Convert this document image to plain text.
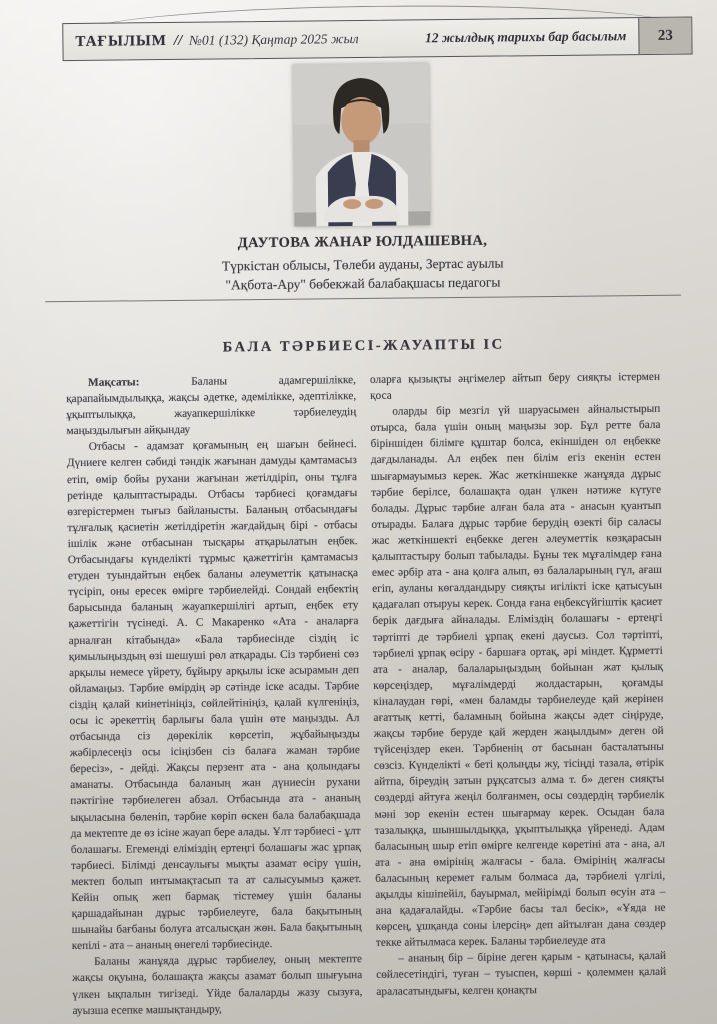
ТАҒЫЛЫМ // №01 (132) Қаңтар 2025 жыл	12 жылдық тарихы бар басылым	23
ДАУТОВА ЖАНАР ЮЛДАШЕВНА,
Түркістан облысы, Төлеби ауданы, Зертас ауылы
"Ақбота-Ару" бөбекжай балабақшасы педагогы
БАЛА ТӘРБИЕСІ-ЖАУАПТЫ ІС

Мақсаты: Баланы адамгершілікке, қарапайымдылыққа, жақсы әдетке, әдемілікке, әдептілікке, ұқыптылыққа, жауапкершілікке тәрбиелеудің маңыздылығын айқындау

Отбасы - адамзат қоғамының ең шағын бейнесі. Дүниеге келген сәбиді тәндік жағынан дамуды қамтамасыз етіп, өмір бойы рухани жағынан жетілдіріп, оны тұлға ретінде қалыптастырады. Отбасы тәрбиесі қоғамдағы өзгерістермен тығыз байланысты. Баланың отбасындағы тұлғалық қасиетін жетілдіретін жағдайдың бірі - отбасы ішілік және отбасынан тысқары атқарылатын еңбек. Отбасындағы күнделікті тұрмыс қажеттігін қамтамасыз етуден туындайтын еңбек баланы әлеуметтік қатынасқа түсіріп, оны ересек өмірге тәрбиелейді. Сондай еңбектің барысында баланың жауапкершілігі артып, еңбек ету қажеттігін түсінеді. А. С Макаренко «Ата - аналарға арналған кітабында» «Бала тәрбиесінде сіздің іс қимылыңыздың өзі шешуші рөл атқарады. Сіз тәрбиені сөз арқылы немесе үйрету, бұйыру арқылы іске асырамын деп ойламаңыз. Тәрбие өмірдің әр сәтінде іске асады. Тәрбие сіздің қалай киінетініңіз, сөйлейтініңіз, қалай күлгеніңіз, осы іс әрекеттің барлығы бала үшін өте маңызды. Ал отбасында сіз дөрекілік көрсетіп, жұбайыңызды жәбірлесеңіз осы ісіңізбен сіз балаға жаман тәрбие бересіз», - дейді. Жақсы перзент ата - ана қолындағы аманаты. Отбасында баланың жан дүниесін рухани пәктігіне тәрбиелеген абзал. Отбасында ата - ананың ықыласына бөленіп, тәрбие көріп өскен бала балабақшада да мектепте де өз ісіне жауап бере алады. Ұлт тәрбиесі - ұлт болашағы. Егеменді еліміздің ертеңгі болашағы жас ұрпақ тәрбиесі. Білімді денсаулығы мықты азамат өсіру үшін, мектеп болып интымақтасып та ат салысуымыз қажет. Кейін опық жеп бармақ тістемеу үшін баланы қаршадайынан дұрыс тәрбиелеуге, бала бақытының шынайы бағбаны болуға атсалысқан жөн. Бала бақытының кепілі - ата – ананың өнегелі тәрбиесінде.

Баланы жанұяда дұрыс тәрбиелеу, оның мектепте жақсы оқуына, болашақта жақсы азамат болып шығуына үлкен ықпалын тигізеді. Үйде балаларды жазу сызуға, ауызша есепке машықтандыру,

оларға қызықты әңгімелер айтып беру сияқты істермен қоса

оларды бір мезгіл үй шаруасымен айналыстырып отырса, бала үшін оның маңызы зор. Бұл ретте бала біріншіден білімге құштар болса, екіншіден ол еңбекке дағдыланады. Ал еңбек пен білім егіз екенін естен шығармауымыз керек. Жас жеткіншекке жанұяда дұрыс тәрбие берілсе, болашақта одан үлкен нәтиже күтуге болады. Дұрыс тәрбие алған бала ата - анасын қуантып отырады. Балаға дұрыс тәрбие берудің өзекті бір саласы жас жеткіншекті еңбекке деген әлеуметтік көзқарасын қалыптастыру болып табылады. Бұны тек мұғалімдер ғана емес әрбір ата - ана қолға алып, өз балаларының гүл, ағаш егіп, ауланы көгалдандыру сияқты игілікті іске қатысуын қадағалап отыруы керек. Сонда ғана еңбексүйгіштік қасиет берік дағдыға айналады. Еліміздің болашағы - ертеңгі тәртіпті де тәрбиелі ұрпақ екені даусыз. Сол тәртіпті, тәрбиелі ұрпақ өсіру - баршаға ортақ, әрі міндет. Құрметті ата - аналар, балаларыңыздың бойынан жат қылық көрсеңіздер, мұғалімдерді жолдастарын, қоғамды кіналаудан гөрі, «мен баламды тәрбиелеуде қай жерінен ағаттық кетті, баламның бойына жақсы әдет сіңіруде, жақсы тәрбие беруде қай жерден жаңылдым» деген ой түйсеңіздер екен. Тәрбиенің от басынан басталатыны сөзсіз. Күнделікті « беті қолыңды жу, тісіңді тазала, өтірік айтпа, біреудің затын рұқсатсыз алма т. б» деген сияқты сөздерді айтуға жеңіл болғанмен, осы сөздердің тәрбиелік мәні зор екенін естен шығармау керек. Осыдан бала тазалыққа, шыншылдыққа, ұқыптылыққа үйренеді. Адам баласының шыр етіп өмірге келгенде көретіні ата - ана, ал ата - ана өмірінің жалғасы - бала. Өмірінің жалғасы баласының керемет ғалым болмаса да, тәрбиелі үлгілі, ақылды кішіпейіл, бауырмал, мейірімді болып өсуін ата – ана қадағалайды. «Тәрбие басы тал бесік», «Ұяда не көрсең, ұшқанда соны ілерсің» деп айтылған дана сөздер текке айтылмаса керек. Баланы тәрбиелеуде ата

– ананың бір – біріне деген қарым - қатынасы, қалай сөйлесетіндігі, туған – туыспен, көрші - қолеммен қалай араласатындығы, келген қонақты
